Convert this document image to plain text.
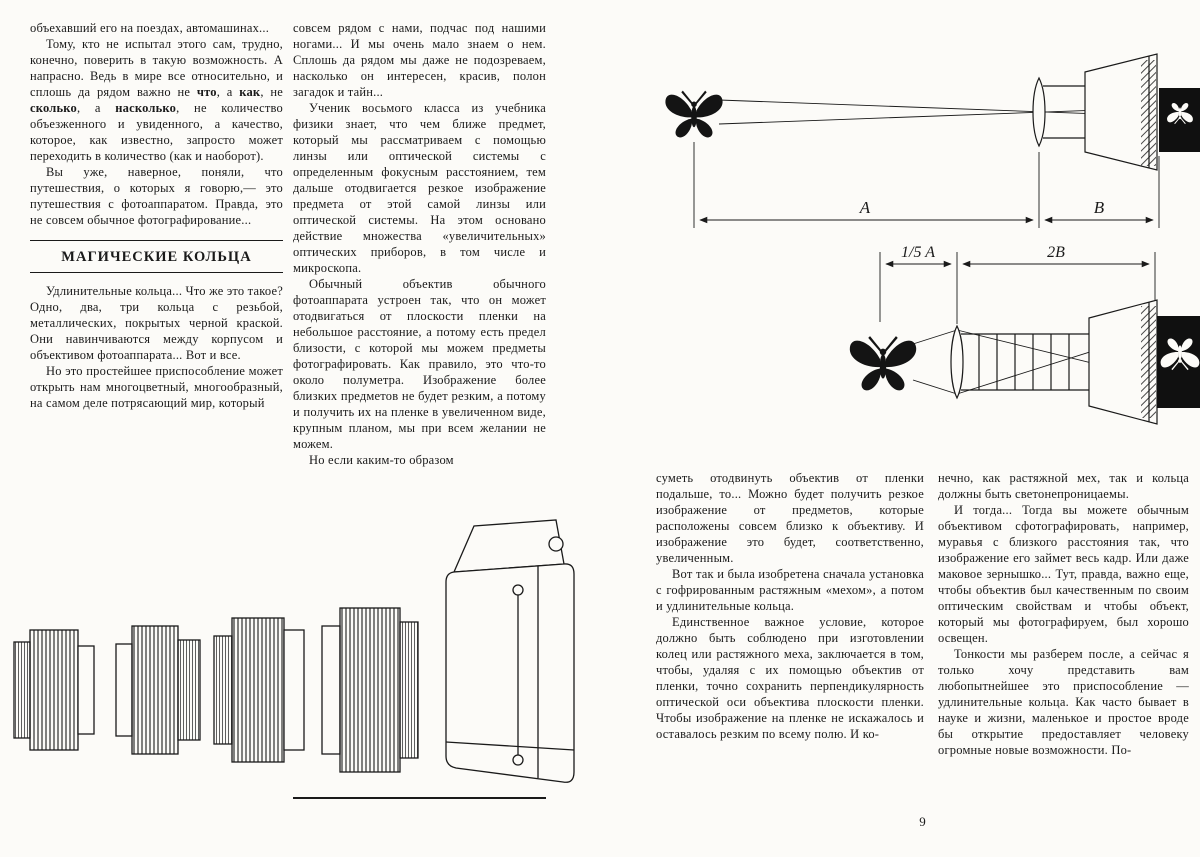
объехавший его на поездах, автомашинах...

Тому, кто не испытал этого сам, трудно, конечно, поверить в такую возможность. А напрасно. Ведь в мире все относительно, и сплошь да рядом важно не что, а как, не сколько, а насколько, не количество объезженного и увиденного, а качество, которое, как известно, запросто может переходить в количество (как и наоборот).

Вы уже, наверное, поняли, что путешествия, о которых я говорю,— это путешествия с фотоаппаратом. Правда, это не совсем обычное фотографирование...

МАГИЧЕСКИЕ КОЛЬЦА

Удлинительные кольца... Что же это такое? Одно, два, три кольца с резьбой, металлических, покрытых черной краской. Они навинчиваются между корпусом и объективом фотоаппарата... Вот и все.

Но это простейшее приспособление может открыть нам многоцветный, многообразный, на самом деле потрясающий мир, который

совсем рядом с нами, подчас под нашими ногами... И мы очень мало знаем о нем. Сплошь да рядом мы даже не подозреваем, насколько он интересен, красив, полон загадок и тайн...

Ученик восьмого класса из учебника физики знает, что чем ближе предмет, который мы рассматриваем с помощью линзы или оптической системы с определенным фокусным расстоянием, тем дальше отодвигается резкое изображение предмета от этой самой линзы или оптической системы. На этом основано действие множества «увеличительных» оптических приборов, в том числе и микроскопа.

Обычный объектив обычного фотоаппарата устроен так, что он может отодвигаться от плоскости пленки на небольшое расстояние, а потому есть предел близости, с которой мы можем предметы фотографировать. Как правило, это что-то около полуметра. Изображение более близких предметов не будет резким, а потому и получить их на пленке в увеличенном виде, крупным планом, мы при всем желании не можем.

Но если каким-то образом

A	B
1/5 A	2B

суметь отодвинуть объектив от пленки подальше, то... Можно будет получить резкое изображение от предметов, которые расположены совсем близко к объективу. И изображение это будет, соответственно, увеличенным.

Вот так и была изобретена сначала установка с гофрированным растяжным «мехом», а потом и удлинительные кольца.

Единственное важное условие, которое должно быть соблюдено при изготовлении колец или растяжного меха, заключается в том, чтобы, удаляя с их помощью объектив от пленки, точно сохранить перпендикулярность оптической оси объектива плоскости пленки. Чтобы изображение на пленке не искажалось и оставалось резким по всему полю. И ко-

нечно, как растяжной мех, так и кольца должны быть светонепроницаемы.

И тогда... Тогда вы можете обычным объективом сфотографировать, например, муравья с близкого расстояния так, что изображение его займет весь кадр. Или даже маковое зернышко... Тут, правда, важно еще, чтобы объектив был качественным по своим оптическим свойствам и чтобы объект, который мы фотографируем, был хорошо освещен.

Тонкости мы разберем после, а сейчас я только хочу представить вам любопытнейшее это приспособление — удлинительные кольца. Как часто бывает в науке и жизни, маленькое и простое вроде бы открытие предоставляет человеку огромные новые возможности. По-

9
